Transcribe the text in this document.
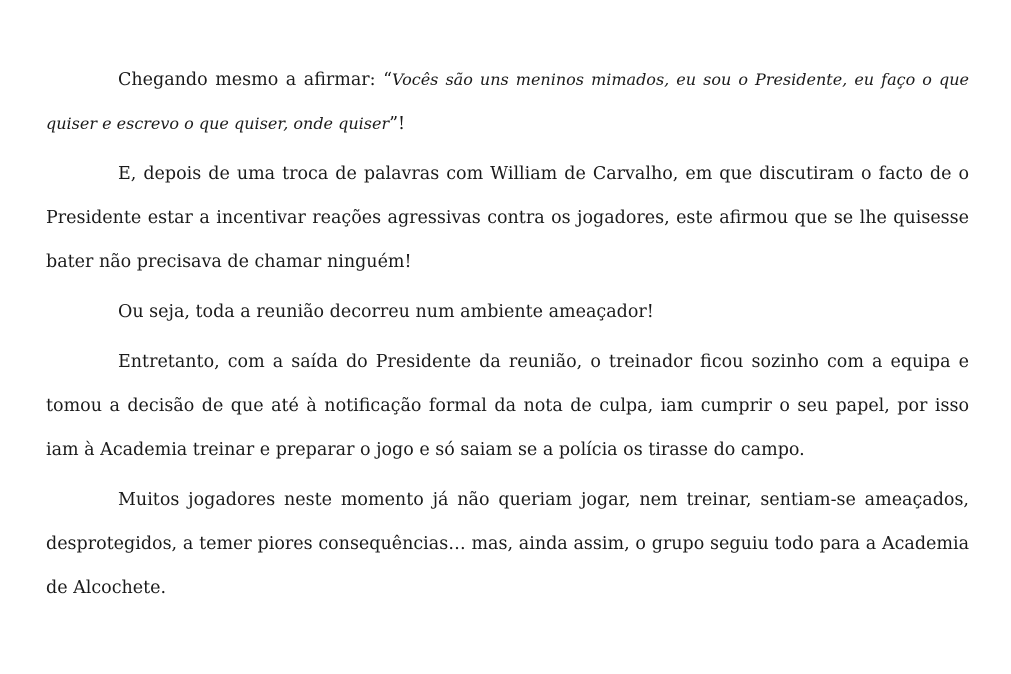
Chegando mesmo a afirmar: “Vocês são uns meninos mimados, eu sou o Presidente, eu faço o que quiser e escrevo o que quiser, onde quiser”!

E, depois de uma troca de palavras com William de Carvalho, em que discutiram o facto de o Presidente estar a incentivar reações agressivas contra os jogadores, este afirmou que se lhe quisesse bater não precisava de chamar ninguém!

Ou seja, toda a reunião decorreu num ambiente ameaçador!

Entretanto, com a saída do Presidente da reunião, o treinador ficou sozinho com a equipa e tomou a decisão de que até à notificação formal da nota de culpa, iam cumprir o seu papel, por isso iam à Academia treinar e preparar o jogo e só saiam se a polícia os tirasse do campo.

Muitos jogadores neste momento já não queriam jogar, nem treinar, sentiam-se ameaçados, desprotegidos, a temer piores consequências… mas, ainda assim, o grupo seguiu todo para a Academia de Alcochete.
